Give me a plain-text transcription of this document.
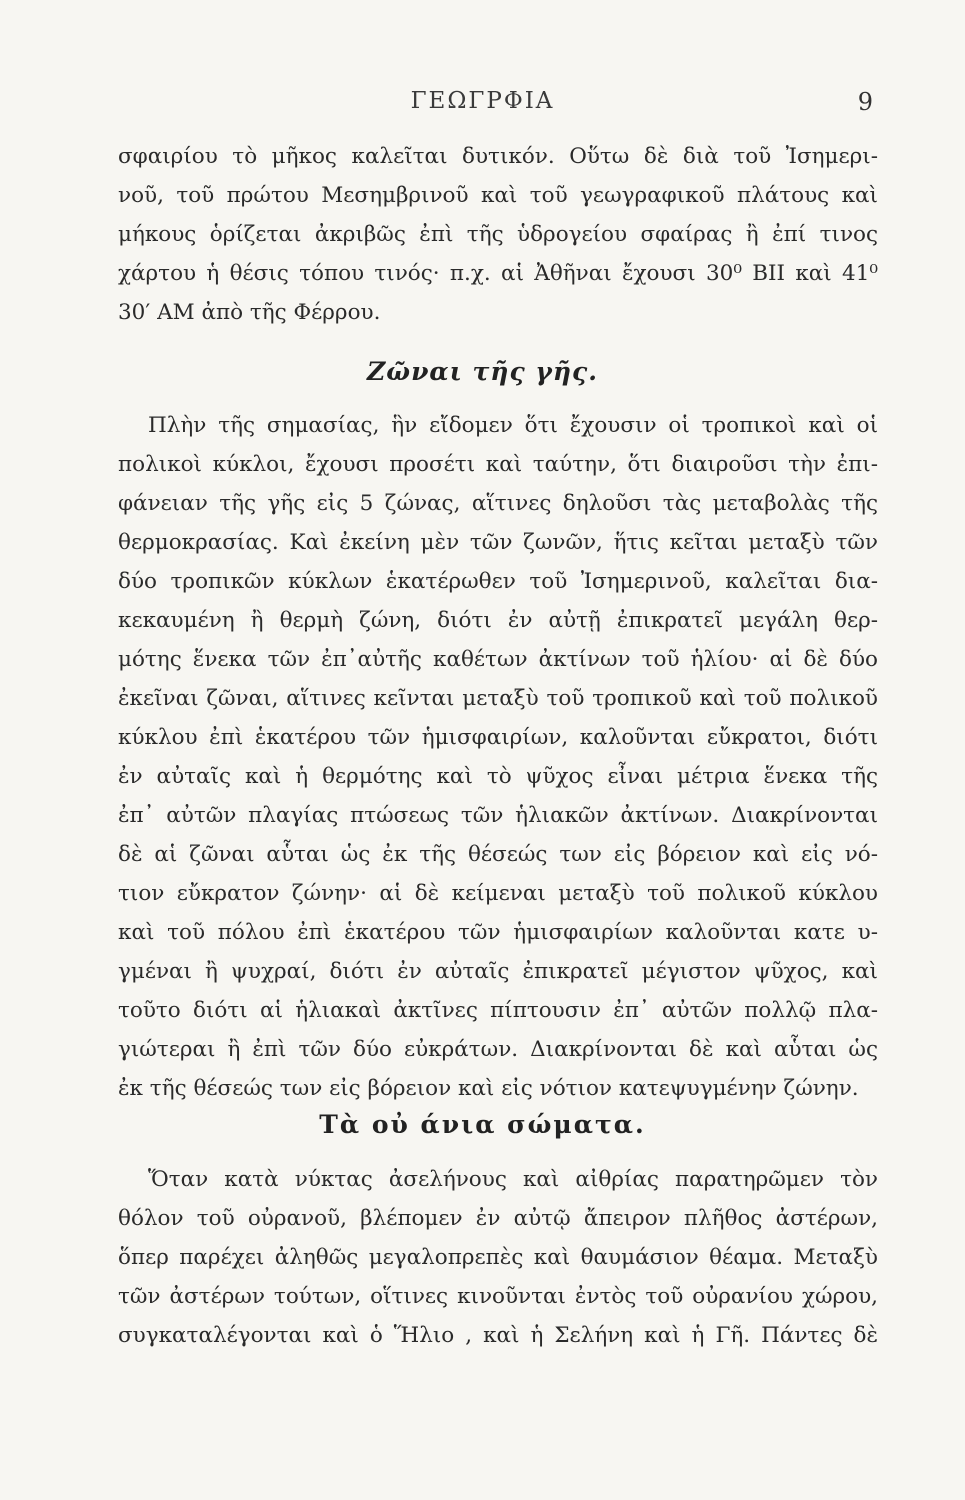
ΓΕΩΓΡΦΙΑ	9
σφαιρίου τὸ μῆκος καλεῖται δυτικόν. Οὕτω δὲ διὰ τοῦ Ἰσημερι-
νοῦ, τοῦ πρώτου Μεσημβρινοῦ καὶ τοῦ γεωγραφικοῦ πλάτους καὶ
μήκους ὁρίζεται ἀκριβῶς ἐπὶ τῆς ὑδρογείου σφαίρας ἢ ἐπί τινος
χάρτου ἡ θέσις τόπου τινός· π.χ. αἱ Ἀθῆναι ἔχουσι 30⁰ ΒΙΙ καὶ 41⁰
30′ ΑΜ ἀπὸ τῆς Φέρρου.
Ζῶναι τῆς γῆς.
Πλὴν τῆς σημασίας, ἣν εἴδομεν ὅτι ἔχουσιν οἱ τροπικοὶ καὶ οἱ
πολικοὶ κύκλοι, ἔχουσι προσέτι καὶ ταύτην, ὅτι διαιροῦσι τὴν ἐπι-
φάνειαν τῆς γῆς εἰς 5 ζώνας, αἵτινες δηλοῦσι τὰς μεταβολὰς τῆς
θερμοκρασίας. Καὶ ἐκείνη μὲν τῶν ζωνῶν, ἥτις κεῖται μεταξὺ τῶν
δύο τροπικῶν κύκλων ἑκατέρωθεν τοῦ Ἰσημερινοῦ, καλεῖται δια-
κεκαυμένη ἢ θερμὴ ζώνη, διότι ἐν αὐτῇ ἐπικρατεῖ μεγάλη θερ-
μότης ἕνεκα τῶν ἐπ᾽αὐτῆς καθέτων ἀκτίνων τοῦ ἡλίου· αἱ δὲ δύο
ἐκεῖναι ζῶναι, αἵτινες κεῖνται μεταξὺ τοῦ τροπικοῦ καὶ τοῦ πολικοῦ
κύκλου ἐπὶ ἑκατέρου τῶν ἡμισφαιρίων, καλοῦνται εὔκρατοι, διότι
ἐν αὐταῖς καὶ ἡ θερμότης καὶ τὸ ψῦχος εἶναι μέτρια ἕνεκα τῆς
ἐπ᾽ αὐτῶν πλαγίας πτώσεως τῶν ἡλιακῶν ἀκτίνων. Διακρίνονται
δὲ αἱ ζῶναι αὗται ὡς ἐκ τῆς θέσεώς των εἰς βόρειον καὶ εἰς νό-
τιον εὔκρατον ζώνην· αἱ δὲ κείμεναι μεταξὺ τοῦ πολικοῦ κύκλου
καὶ τοῦ πόλου ἐπὶ ἑκατέρου τῶν ἡμισφαιρίων καλοῦνται κατε υ-
γμέναι ἢ ψυχραί, διότι ἐν αὐταῖς ἐπικρατεῖ μέγιστον ψῦχος, καὶ
τοῦτο διότι αἱ ἡλιακαὶ ἀκτῖνες πίπτουσιν ἐπ᾽ αὐτῶν πολλῷ πλα-
γιώτεραι ἢ ἐπὶ τῶν δύο εὐκράτων. Διακρίνονται δὲ καὶ αὗται ὡς
ἐκ τῆς θέσεώς των εἰς βόρειον καὶ εἰς νότιον κατεψυγμένην ζώνην.
Τὰ οὐ άνια σώματα.
Ὅταν κατὰ νύκτας ἀσελήνους καὶ αἰθρίας παρατηρῶμεν τὸν
θόλον τοῦ οὐρανοῦ, βλέπομεν ἐν αὐτῷ ἄπειρον πλῆθος ἀστέρων,
ὅπερ παρέχει ἀληθῶς μεγαλοπρεπὲς καὶ θαυμάσιον θέαμα. Μεταξὺ
τῶν ἀστέρων τούτων, οἵτινες κινοῦνται ἐντὸς τοῦ οὐρανίου χώρου,
συγκαταλέγονται καὶ ὁ Ἥλιο , καὶ ἡ Σελήνη καὶ ἡ Γῆ. Πάντες δὲ
